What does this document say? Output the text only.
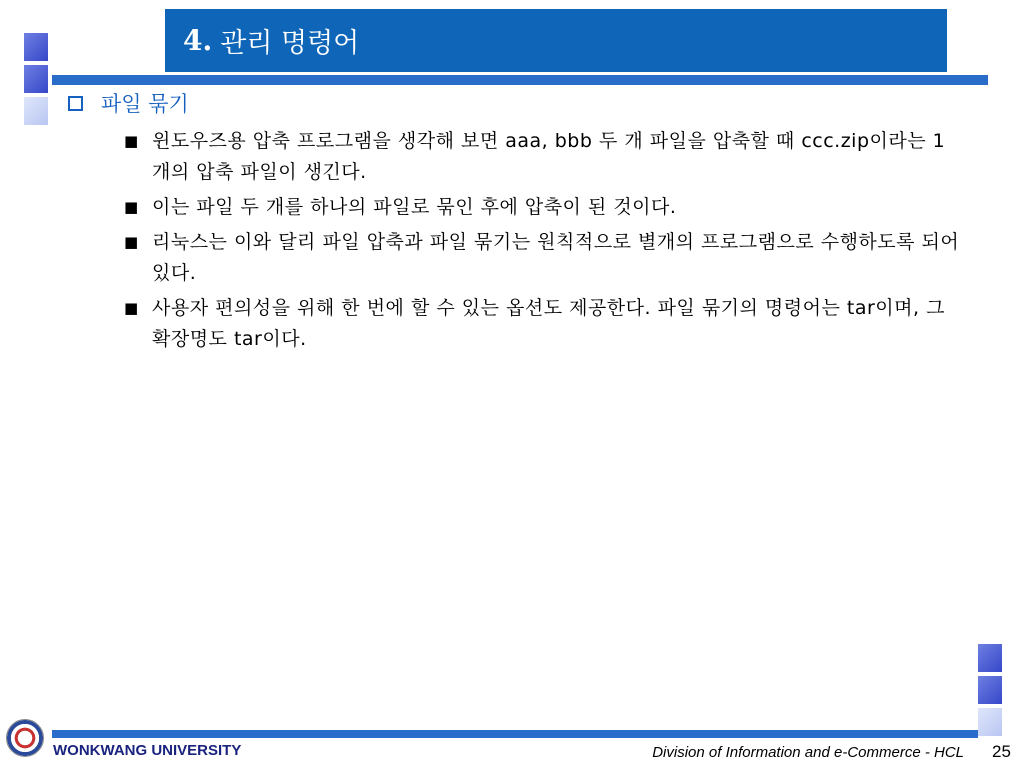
4. 관리 명령어
파일 묶기
■ 윈도우즈용 압축 프로그램을 생각해 보면 aaa, bbb 두 개 파일을 압축할 때 ccc.zip이라는 1개의 압축 파일이 생긴다.
■ 이는 파일 두 개를 하나의 파일로 묶인 후에 압축이 된 것이다.
■ 리눅스는 이와 달리 파일 압축과 파일 묶기는 원칙적으로 별개의 프로그램으로 수행하도록 되어 있다.
■ 사용자 편의성을 위해 한 번에 할 수 있는 옵션도 제공한다. 파일 묶기의 명령어는 tar이며, 그 확장명도 tar이다.
WONKWANG UNIVERSITY	Division of Information and e-Commerce - HCL 25
